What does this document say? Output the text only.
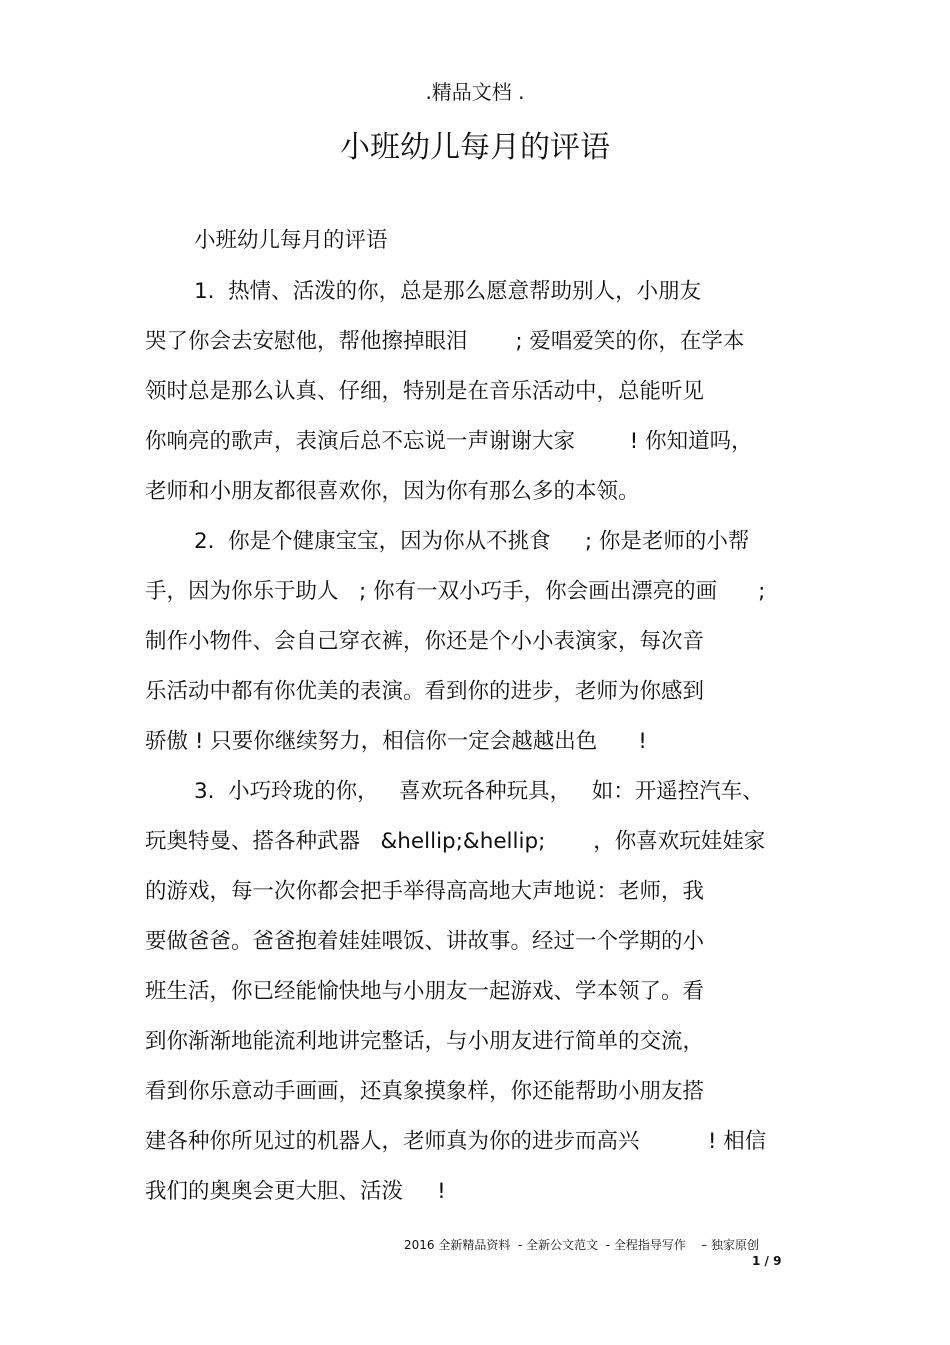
.精品文档 .
小班幼儿每月的评语
小班幼儿每月的评语
1.  热情、活泼的你，总是那么愿意帮助别人，小朋友
哭了你会去安慰他，帮他擦掉眼泪       ; 爱唱爱笑的你，在学本
领时总是那么认真、仔细，特别是在音乐活动中，总能听见
你响亮的歌声，表演后总不忘说一声谢谢大家        ! 你知道吗，
老师和小朋友都很喜欢你，因为你有那么多的本领。
2.  你是个健康宝宝，因为你从不挑食     ; 你是老师的小帮
手，因为你乐于助人   ; 你有一双小巧手，你会画出漂亮的画      ;
制作小物件、会自己穿衣裤，你还是个小小表演家，每次音
乐活动中都有你优美的表演。看到你的进步，老师为你感到
骄傲 ! 只要你继续努力，相信你一定会越越出色      !
3.  小巧玲珑的你，   喜欢玩各种玩具，   如：开遥控汽车、
玩奥特曼、搭各种武器   &hellip;&hellip;       ，你喜欢玩娃娃家
的游戏，每一次你都会把手举得高高地大声地说：老师，我
要做爸爸。爸爸抱着娃娃喂饭、讲故事。经过一个学期的小
班生活，你已经能愉快地与小朋友一起游戏、学本领了。看
到你渐渐地能流利地讲完整话，与小朋友进行简单的交流，
看到你乐意动手画画，还真象摸象样，你还能帮助小朋友搭
建各种你所见过的机器人，老师真为你的进步而高兴          ! 相信
我们的奥奥会更大胆、活泼     !
2016 全新精品资料  - 全新公文范文  - 全程指导写作    – 独家原创
1 / 9
